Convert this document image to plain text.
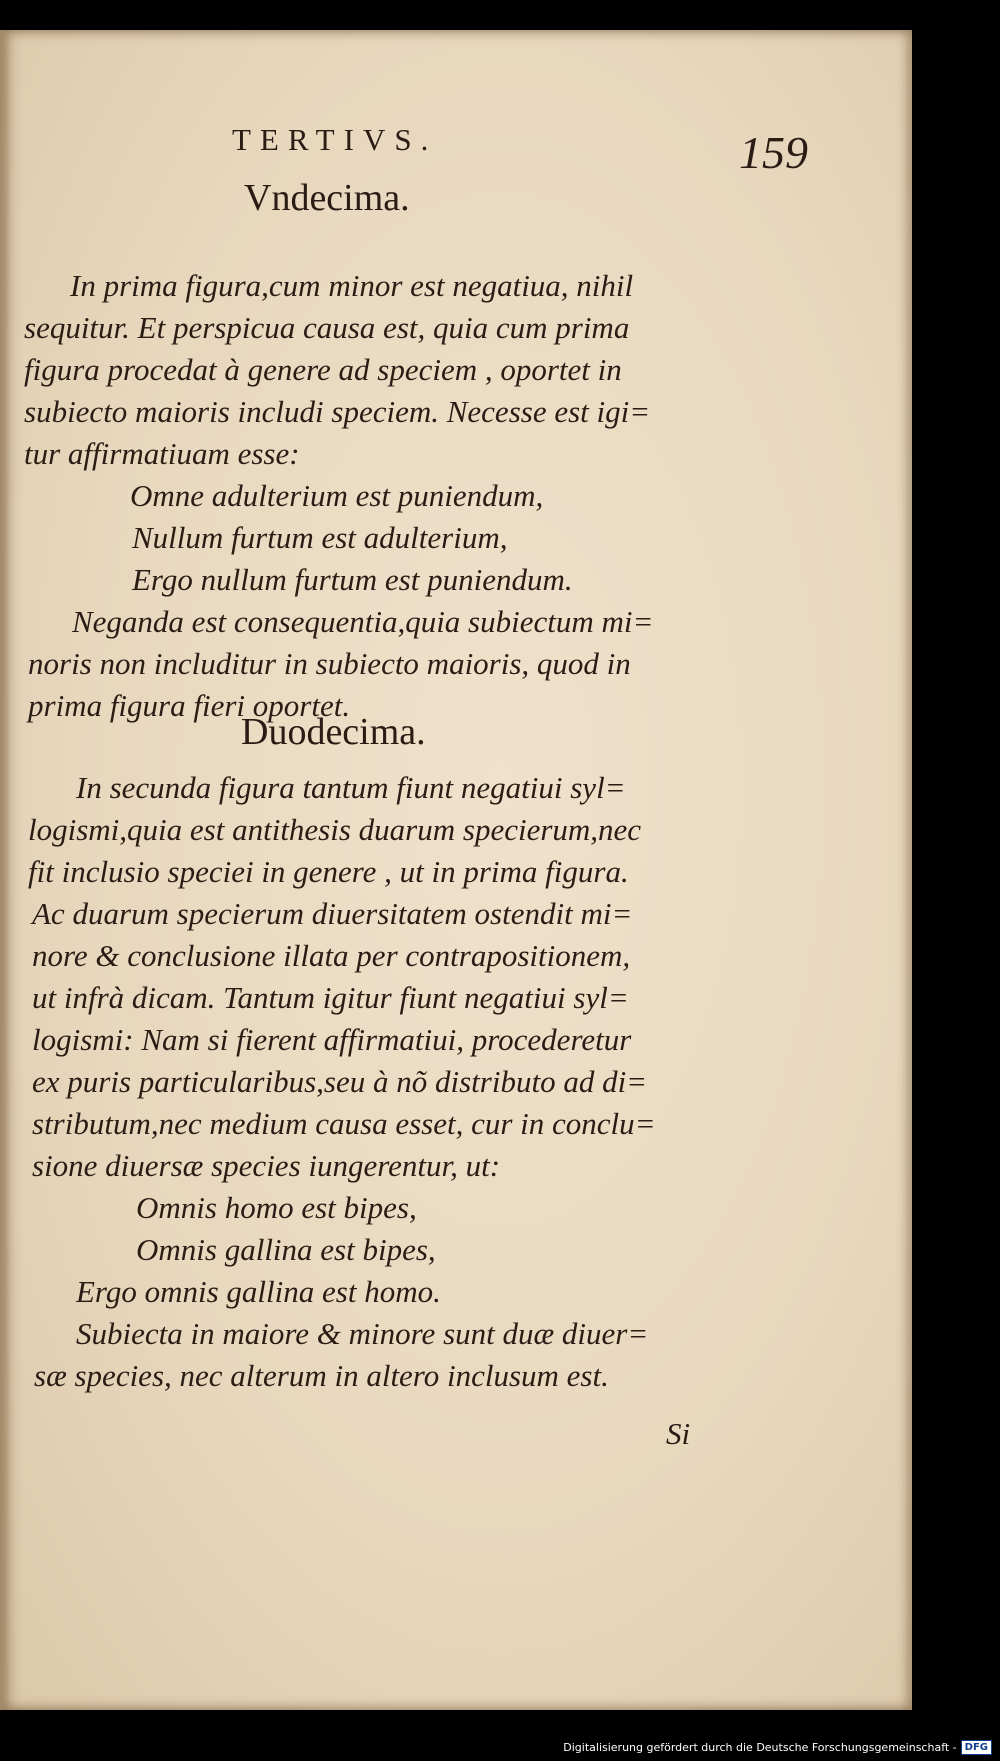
TERTIVS.	159
Vndecima.
In prima figura,cum minor est negatiua, nihil
sequitur. Et perspicua causa est, quia cum prima
figura procedat à genere ad speciem , oportet in
subiecto maioris includi speciem. Necesse est igi=
tur affirmatiuam esse:
Omne adulterium est puniendum,
Nullum furtum est adulterium,
Ergo nullum furtum est puniendum.
Neganda est consequentia,quia subiectum mi=
noris non includitur in subiecto maioris, quod in
prima figura fieri oportet.
Duodecima.
In secunda figura tantum fiunt negatiui syl=
logismi,quia est antithesis duarum specierum,nec
fit inclusio speciei in genere , ut in prima figura.
Ac duarum specierum diuersitatem ostendit mi=
nore & conclusione illata per contrapositionem,
ut infrà dicam. Tantum igitur fiunt negatiui syl=
logismi: Nam si fierent affirmatiui, procederetur
ex puris particularibus,seu à nõ distributo ad di=
stributum,nec medium causa esset, cur in conclu=
sione diuersæ species iungerentur, ut:
Omnis homo est bipes,
Omnis gallina est bipes,
Ergo omnis gallina est homo.
Subiecta in maiore & minore sunt duæ diuer=
sæ species, nec alterum in altero inclusum est.
Si
Digitalisierung gefördert durch die Deutsche Forschungsgemeinschaft - DFG
